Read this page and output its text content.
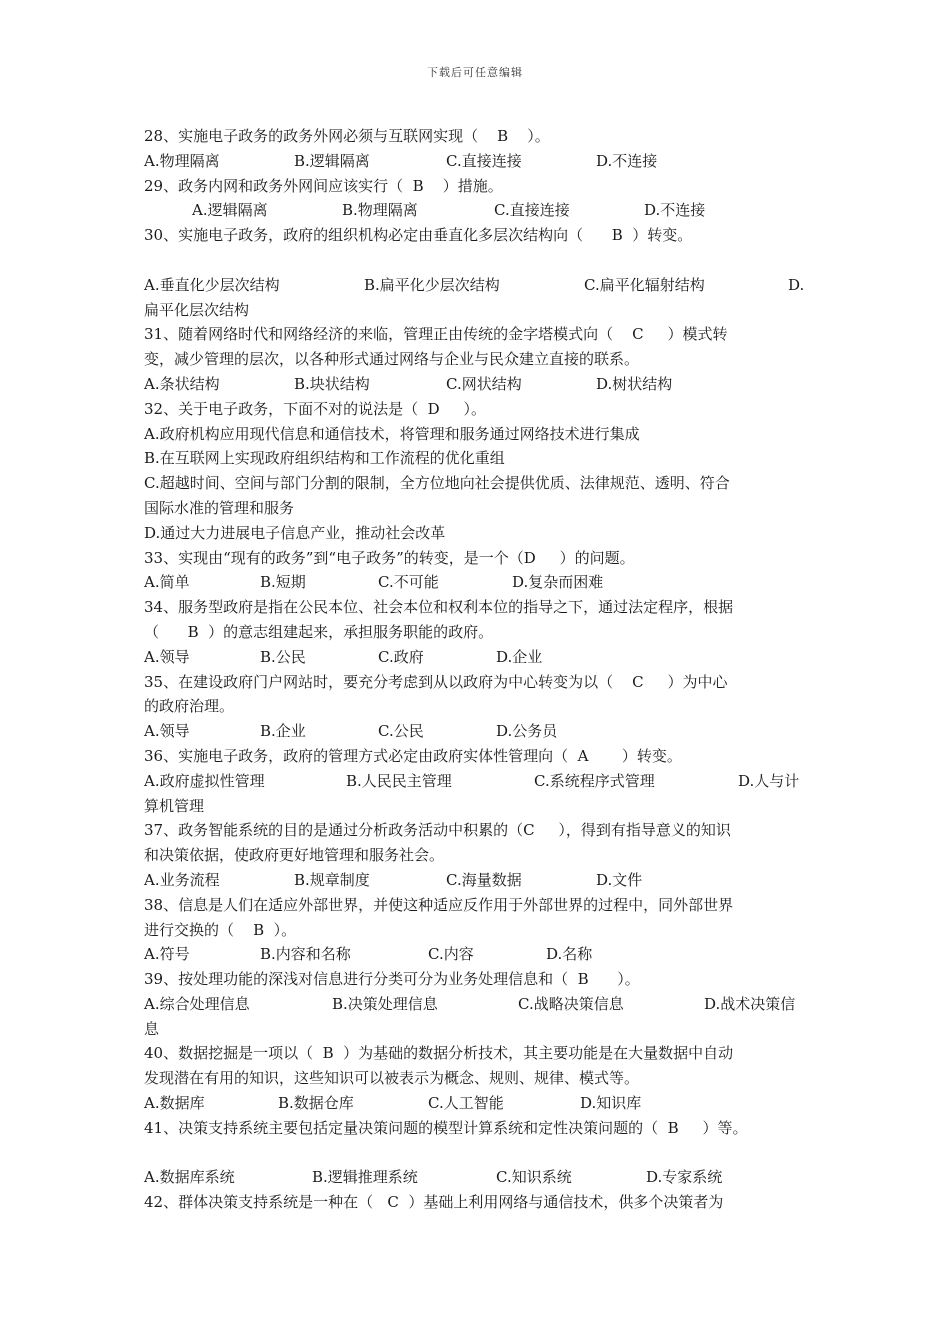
下载后可任意编辑
28、实施电子政务的政务外网必须与互联网实现（    B    ）。
A.物理隔离	B.逻辑隔离	C.直接连接	D.不连接
29、政务内网和政务外网间应该实行（  B    ）措施。
A.逻辑隔离	B.物理隔离	C.直接连接	D.不连接
30、实施电子政务，政府的组织机构必定由垂直化多层次结构向（      B  ）转变。
A.垂直化少层次结构	B.扁平化少层次结构	C.扁平化辐射结构	D.
扁平化层次结构
31、随着网络时代和网络经济的来临，管理正由传统的金字塔模式向（    C     ）模式转
变，减少管理的层次，以各种形式通过网络与企业与民众建立直接的联系。
A.条状结构	B.块状结构	C.网状结构	D.树状结构
32、关于电子政务，下面不对的说法是（  D     ）。
A.政府机构应用现代信息和通信技术，将管理和服务通过网络技术进行集成
B.在互联网上实现政府组织结构和工作流程的优化重组
C.超越时间、空间与部门分割的限制，全方位地向社会提供优质、法律规范、透明、符合
国际水准的管理和服务
D.通过大力进展电子信息产业，推动社会改革
33、实现由“现有的政务”到“电子政务”的转变，是一个（D     ）的问题。
A.简单	B.短期	C.不可能	D.复杂而困难
34、服务型政府是指在公民本位、社会本位和权利本位的指导之下，通过法定程序，根据
（      B  ）的意志组建起来，承担服务职能的政府。
A.领导	B.公民	C.政府	D.企业
35、在建设政府门户网站时，要充分考虑到从以政府为中心转变为以（    C     ）为中心
的政府治理。
A.领导	B.企业	C.公民	D.公务员
36、实施电子政务，政府的管理方式必定由政府实体性管理向（  A       ）转变。
A.政府虚拟性管理	B.人民民主管理	C.系统程序式管理	D.人与计
算机管理
37、政务智能系统的目的是通过分析政务活动中积累的（C     ），得到有指导意义的知识
和决策依据，使政府更好地管理和服务社会。
A.业务流程	B.规章制度	C.海量数据	D.文件
38、信息是人们在适应外部世界，并使这种适应反作用于外部世界的过程中，同外部世界
进行交换的（    B  ）。
A.符号	B.内容和名称	C.内容	D.名称
39、按处理功能的深浅对信息进行分类可分为业务处理信息和（  B      ）。
A.综合处理信息	B.决策处理信息	C.战略决策信息	D.战术决策信
息
40、数据挖掘是一项以（  B  ）为基础的数据分析技术，其主要功能是在大量数据中自动
发现潜在有用的知识，这些知识可以被表示为概念、规则、规律、模式等。
A.数据库	B.数据仓库	C.人工智能	D.知识库
41、决策支持系统主要包括定量决策问题的模型计算系统和定性决策问题的（  B     ）等。
A.数据库系统	B.逻辑推理系统	C.知识系统	D.专家系统
42、群体决策支持系统是一种在（   C  ）基础上利用网络与通信技术，供多个决策者为
